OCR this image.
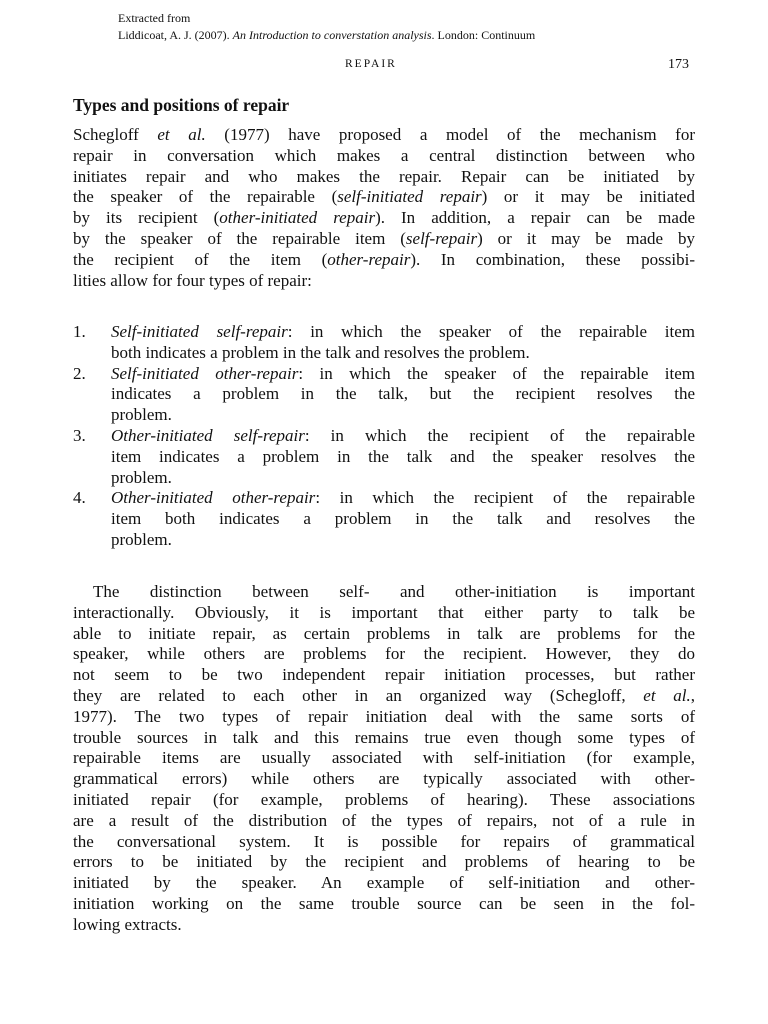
Extracted from
Liddicoat, A. J. (2007). An Introduction to converstation analysis. London: Continuum
REPAIR	173
Types and positions of repair

Schegloff et al. (1977) have proposed a model of the mechanism for
repair in conversation which makes a central distinction between who
initiates repair and who makes the repair. Repair can be initiated by
the speaker of the repairable (self-initiated repair) or it may be initiated
by its recipient (other-initiated repair). In addition, a repair can be made
by the speaker of the repairable item (self-repair) or it may be made by
the recipient of the item (other-repair). In combination, these possibi-
lities allow for four types of repair:

1. Self-initiated self-repair: in which the speaker of the repairable item
both indicates a problem in the talk and resolves the problem.
2. Self-initiated other-repair: in which the speaker of the repairable item
indicates a problem in the talk, but the recipient resolves the
problem.
3. Other-initiated self-repair: in which the recipient of the repairable
item indicates a problem in the talk and the speaker resolves the
problem.
4. Other-initiated other-repair: in which the recipient of the repairable
item both indicates a problem in the talk and resolves the
problem.

The distinction between self- and other-initiation is important
interactionally. Obviously, it is important that either party to talk be
able to initiate repair, as certain problems in talk are problems for the
speaker, while others are problems for the recipient. However, they do
not seem to be two independent repair initiation processes, but rather
they are related to each other in an organized way (Schegloff, et al.,
1977). The two types of repair initiation deal with the same sorts of
trouble sources in talk and this remains true even though some types of
repairable items are usually associated with self-initiation (for example,
grammatical errors) while others are typically associated with other-
initiated repair (for example, problems of hearing). These associations
are a result of the distribution of the types of repairs, not of a rule in
the conversational system. It is possible for repairs of grammatical
errors to be initiated by the recipient and problems of hearing to be
initiated by the speaker. An example of self-initiation and other-
initiation working on the same trouble source can be seen in the fol-
lowing extracts.
